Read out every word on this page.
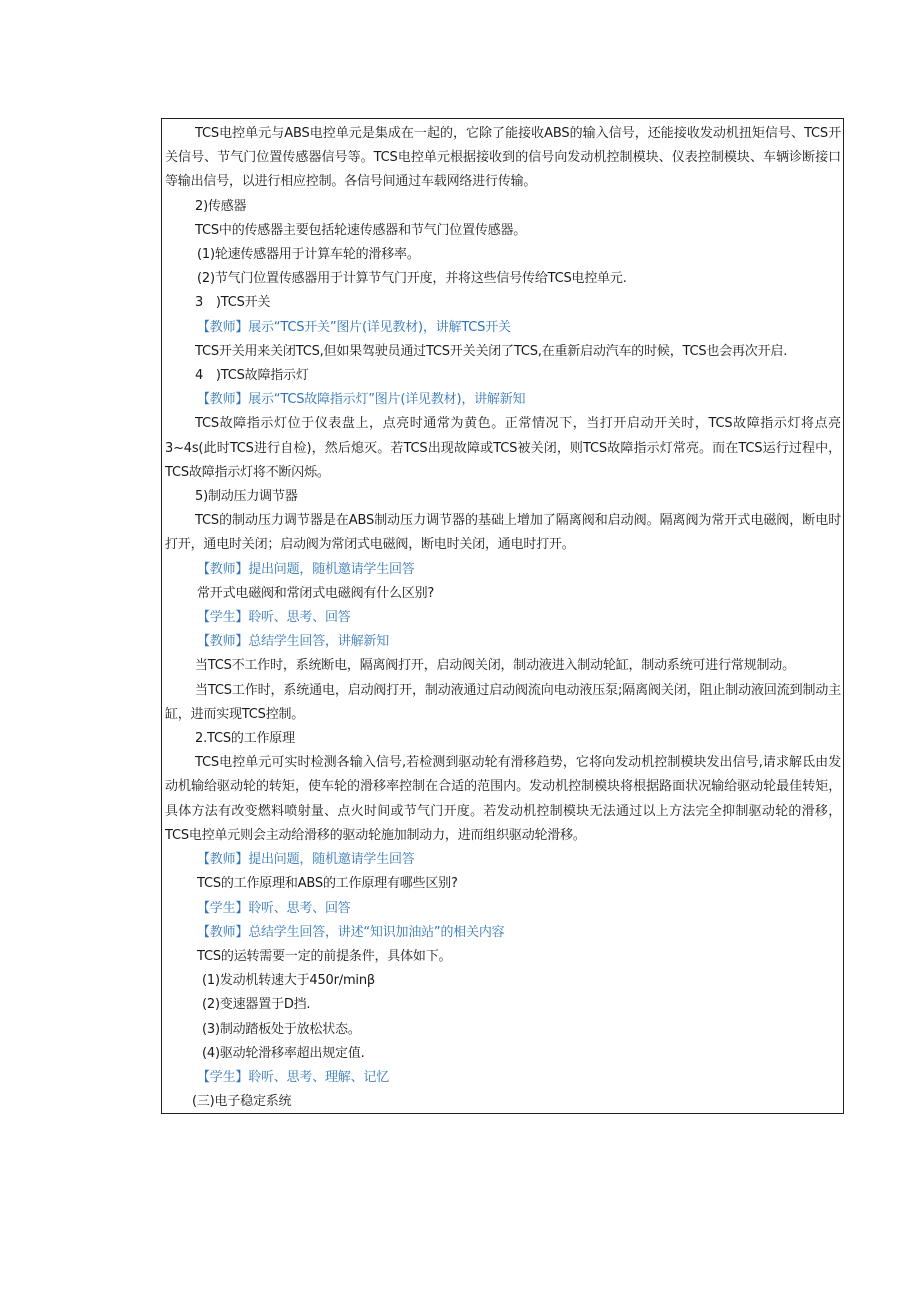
TCS电控单元与ABS电控单元是集成在一起的，它除了能接收ABS的输入信号，还能接收发动机扭矩信号、TCS开关信号、节气门位置传感器信号等。TCS电控单元根据接收到的信号向发动机控制模块、仪表控制模块、车辆诊断接口等输出信号，以进行相应控制。各信号间通过车载网络进行传输。

2)传感器

TCS中的传感器主要包括轮速传感器和节气门位置传感器。

(1)轮速传感器用于计算车轮的滑移率。

(2)节气门位置传感器用于计算节气门开度，并将这些信号传给TCS电控单元.

3　)TCS开关

【教师】展示“TCS开关”图片(详见教材)，讲解TCS开关

TCS开关用来关闭TCS,但如果驾驶员通过TCS开关关闭了TCS,在重新启动汽车的时候，TCS也会再次开启.

4　)TCS故障指示灯

【教师】展示“TCS故障指示灯”图片(详见教材)，讲解新知

TCS故障指示灯位于仪表盘上，点亮时通常为黄色。正常情况下，当打开启动开关时，TCS故障指示灯将点亮3~4s(此时TCS进行自检)，然后熄灭。若TCS出现故障或TCS被关闭，则TCS故障指示灯常亮。而在TCS运行过程中，TCS故障指示灯将不断闪烁。

5)制动压力调节器

TCS的制动压力调节器是在ABS制动压力调节器的基础上增加了隔离阀和启动阀。隔离阀为常开式电磁阀，断电时打开，通电时关闭；启动阀为常闭式电磁阀，断电时关闭，通电时打开。

【教师】提出问题，随机邀请学生回答

常开式电磁阀和常闭式电磁阀有什么区别?

【学生】聆听、思考、回答

【教师】总结学生回答，讲解新知

当TCS不工作时，系统断电，隔离阀打开，启动阀关闭，制动液进入制动轮缸，制动系统可进行常规制动。

当TCS工作时，系统通电，启动阀打开，制动液通过启动阀流向电动液压泵;隔离阀关闭，阻止制动液回流到制动主缸，进而实现TCS控制。

2.TCS的工作原理

TCS电控单元可实时检测各输入信号,若检测到驱动轮有滑移趋势，它将向发动机控制模块发出信号,请求解氐由发动机输给驱动轮的转矩，使车轮的滑移率控制在合适的范围内。发动机控制模块将根据路面状况输给驱动轮最佳转矩，具体方法有改变燃料喷射量、点火时间或节气门开度。若发动机控制模块无法通过以上方法完全抑制驱动轮的滑移，TCS电控单元则会主动给滑移的驱动轮施加制动力，进而组织驱动轮滑移。

【教师】提出问题，随机邀请学生回答

TCS的工作原理和ABS的工作原理有哪些区别?

【学生】聆听、思考、回答

【教师】总结学生回答，讲述“知识加油站”的相关内容

TCS的运转需要一定的前提条件，具体如下。

(1)发动机转速大于450r∕minβ

(2)变速器置于D挡.

(3)制动踏板处于放松状态。

(4)驱动轮滑移率超出规定值.

【学生】聆听、思考、理解、记忆

(三)电子稳定系统
